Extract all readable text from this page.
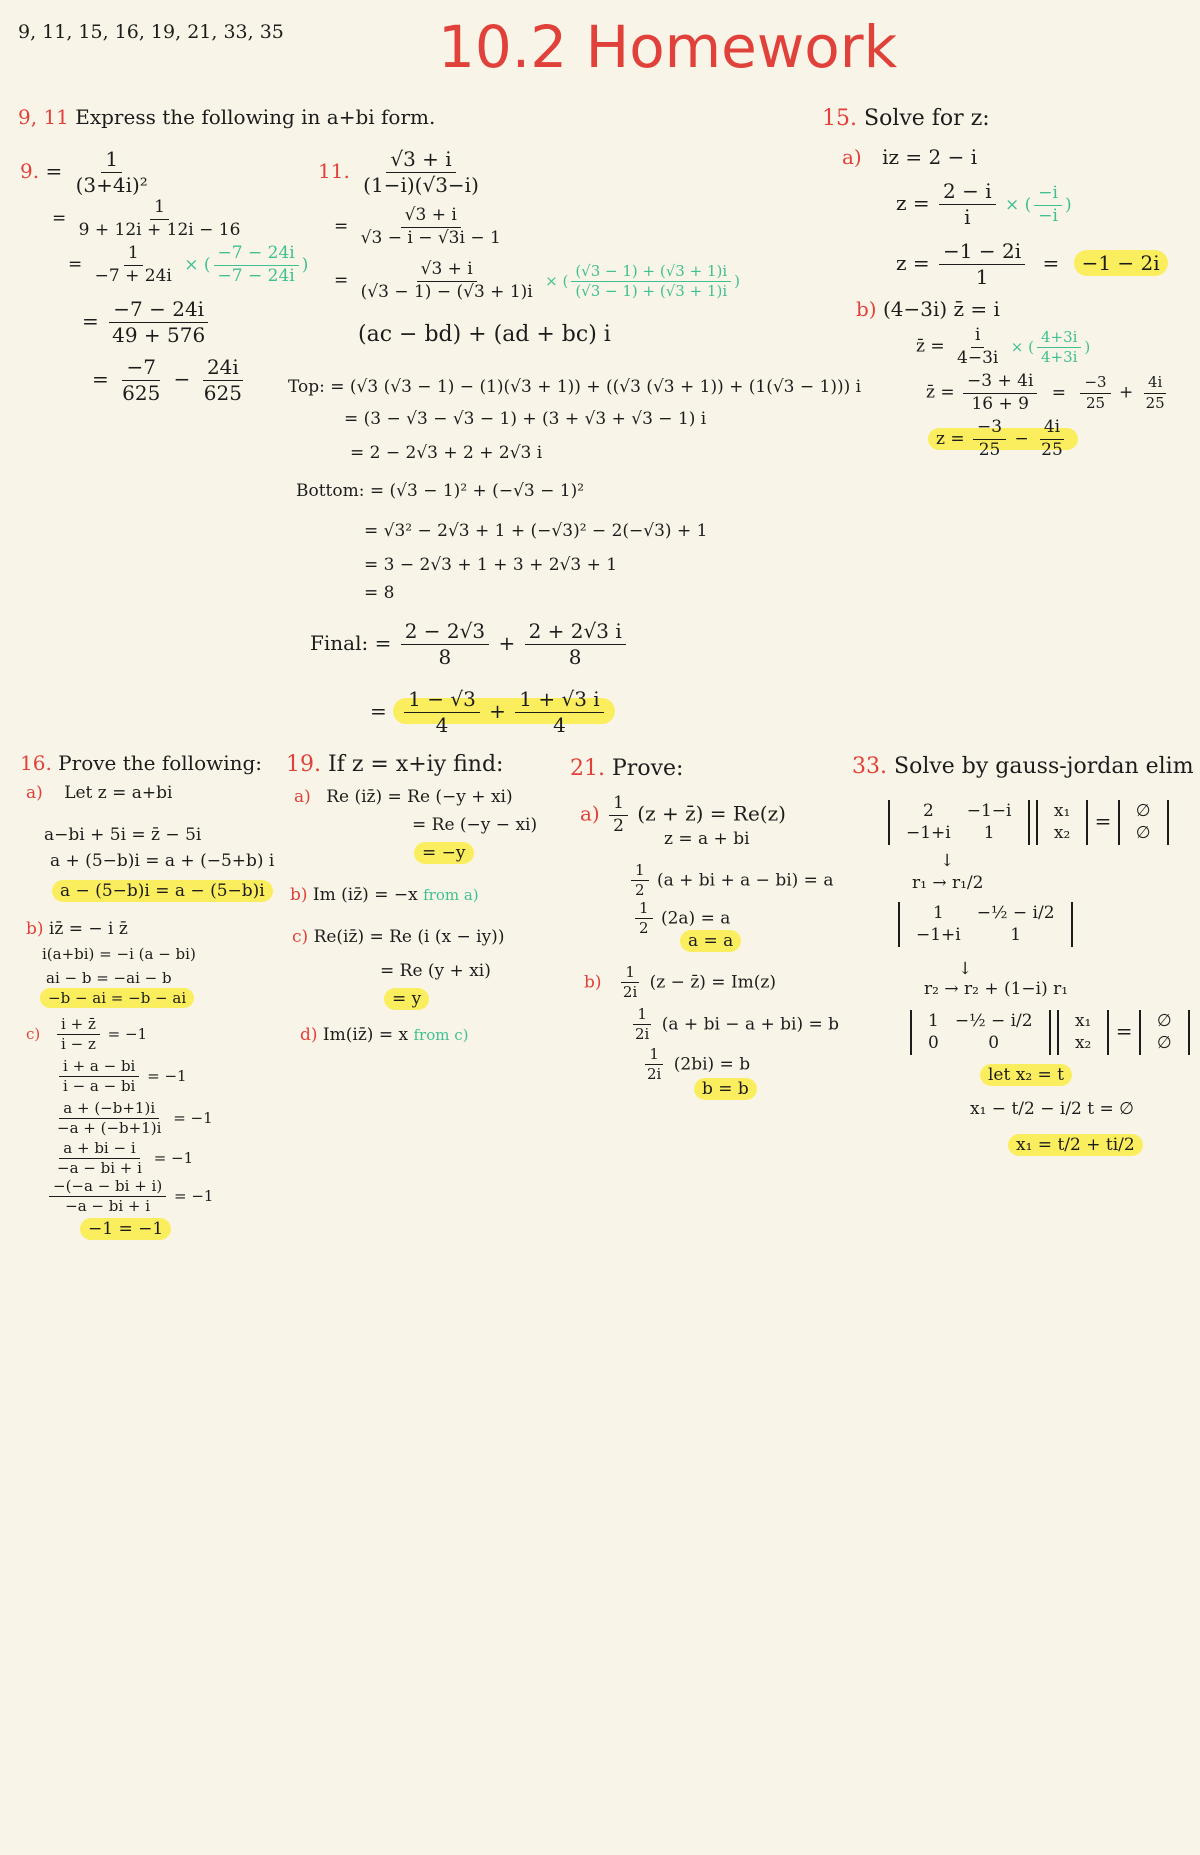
9, 11, 15, 16, 19, 21, 33, 35	10.2 Homework
9, 11 Express the following in a+bi form.
9. = $\frac{1}{\text{(3+4i)²}}$
= $\frac{1}{9 + 12i + 12i - 16}$
= $\frac{1}{-7 + 24i}$ × ( $\frac{-7 - 24i}{-7 - 24i}$ )
= $\frac{-7 - 24i}{49 + 576}$
= $\frac{-7}{625} - \frac{24i}{625}$
11. $\frac{√3 + i}{(1-i)(√3-i)}$
= $\frac{√3 + i}{√3 - i - √3i - 1}$
= $\frac{√3 + i}{(√3 - 1) - (√3 + 1)i}$ × ( $\frac{(√3 - 1) + (√3 + 1)i}{(√3 - 1) + (√3 + 1)i}$ )
(ac − bd) + (ad + bc) i
Top: = (√3 (√3 − 1) − (1)(√3 + 1)) + ((√3 (√3 + 1)) + (1(√3 − 1))) i
= (3 − √3 − √3 − 1) + (3 + √3 + √3 − 1) i
= 2 − 2√3 + 2 + 2√3 i
Bottom: = (√3 − 1)² + (−√3 − 1)²
= √3² − 2√3 + 1 + (−√3)² − 2(−√3) + 1
= 3 − 2√3 + 1 + 3 + 2√3 + 1
= 8
Final: = $\frac{2 - 2√3}{8} + \frac{2 + 2√3 i}{8}$
= $\frac{1 - √3}{4} + \frac{1 + √3 i}{4}$
15. Solve for z:
a) iz = 2 − i
$z = \frac{2 - i}{i}$ × ( $\frac{-i}{-i}$ )
$z = \frac{-1 - 2i}{1} = -1 - 2i$
b) (4−3i) z̄ = i
z̄ = $\frac{i}{4-3i}$ × ( $\frac{4+3i}{4+3i}$ )
z̄ = $\frac{-3 + 4i}{16 + 9} = \frac{-3}{25} + \frac{4i}{25}$
$z = \frac{-3}{25} - \frac{4i}{25}$
16. Prove the following:
a) Let z = a+bi
a−bi + 5i = z̄ − 5i
a + (5−b)i = a + (−5+b) i
a − (5−b)i = a − (5−b)i
b) iz̄ = − i z̄
i(a+bi) = −i (a − bi)
ai − b = −ai − b
−b − ai = −b − ai
$c) \frac{i + z̄}{i - z} = -1$
$\frac{i + a - bi}{i - a - bi} = -1$
$\frac{a + (-b+1)i}{-a + (-b+1)i} = -1$
$\frac{a + bi - i}{-a - bi + i} = -1$
$\frac{-(-a - bi + i)}{-a - bi + i} = -1$
−1 = −1
19. If z = x+iy find:
a) Re (iz̄) = Re (−y + xi)
= Re (−y − xi)
= −y
b) Im (iz̄) = −x from a)
c) Re(iz̄) = Re (i (x − iy))
= Re (y + xi)
= y
d) Im(iz̄) = x from c)
21. Prove:
$a) \frac{1}{2} (z$ + z̄) = Re(z)
z = a + bi
$\frac{1}{2} (a$ + bi + a − bi) = a
$\frac{1}{2} (2a) = a$
a = a
$b) \frac{1}{2i} (z$ − z̄) = Im(z)
$\frac{1}{2i} (a$ + bi − a + bi) = b
$\frac{1}{2i} (2bi) = b$
b = b
33. Solve by gauss-jordan elim
2	−1−i
−1+i	1

x₁
x₂ = ∅
∅
↓
r₁ → r₁/2
1	−½ − i/2
−1+i	1
↓
r₂ → r₂ + (1−i) r₁
1	−½ − i/2
0	0

x₁
x₂ = ∅
∅
let x₂ = t
x₁ − t/2 − i/2 t = ∅
x₁ = t/2 + ti/2
